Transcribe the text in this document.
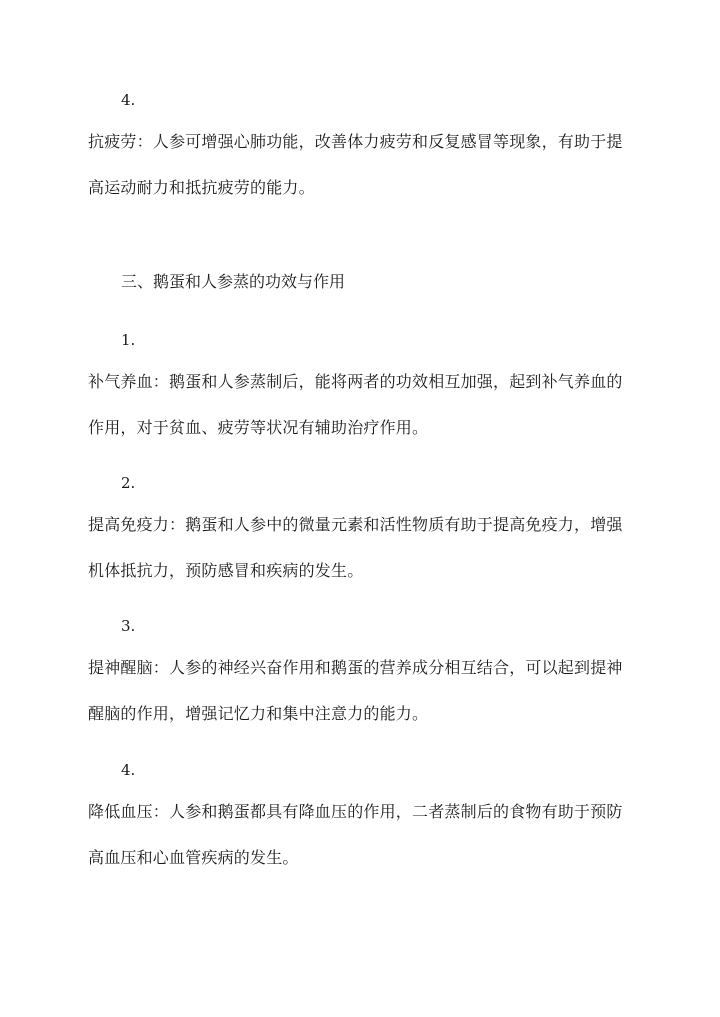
4.

抗疲劳：人参可增强心肺功能，改善体力疲劳和反复感冒等现象，有助于提高运动耐力和抵抗疲劳的能力。

三、鹅蛋和人参蒸的功效与作用

1.

补气养血：鹅蛋和人参蒸制后，能将两者的功效相互加强，起到补气养血的作用，对于贫血、疲劳等状况有辅助治疗作用。

2.

提高免疫力：鹅蛋和人参中的微量元素和活性物质有助于提高免疫力，增强机体抵抗力，预防感冒和疾病的发生。

3.

提神醒脑：人参的神经兴奋作用和鹅蛋的营养成分相互结合，可以起到提神醒脑的作用，增强记忆力和集中注意力的能力。

4.

降低血压：人参和鹅蛋都具有降血压的作用，二者蒸制后的食物有助于预防高血压和心血管疾病的发生。
